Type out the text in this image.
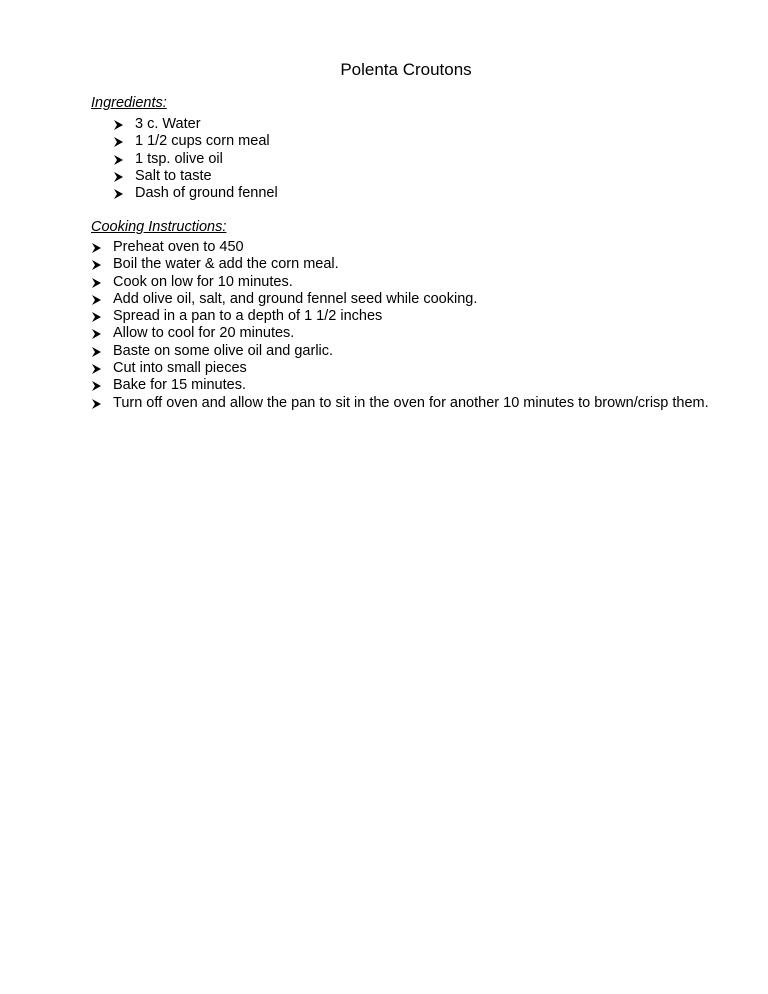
Polenta Croutons
Ingredients:
3 c. Water
1 1/2 cups corn meal
1 tsp. olive oil
Salt to taste
Dash of ground fennel
Cooking Instructions:
Preheat oven to 450
Boil the water & add the corn meal.
Cook on low for 10 minutes.
Add olive oil, salt, and ground fennel seed while cooking.
Spread in a pan to a depth of 1 1/2 inches
Allow to cool for 20 minutes.
Baste on some olive oil and garlic.
Cut into small pieces
Bake for 15 minutes.
Turn off oven and allow the pan to sit in the oven for another 10 minutes to brown/crisp them.
